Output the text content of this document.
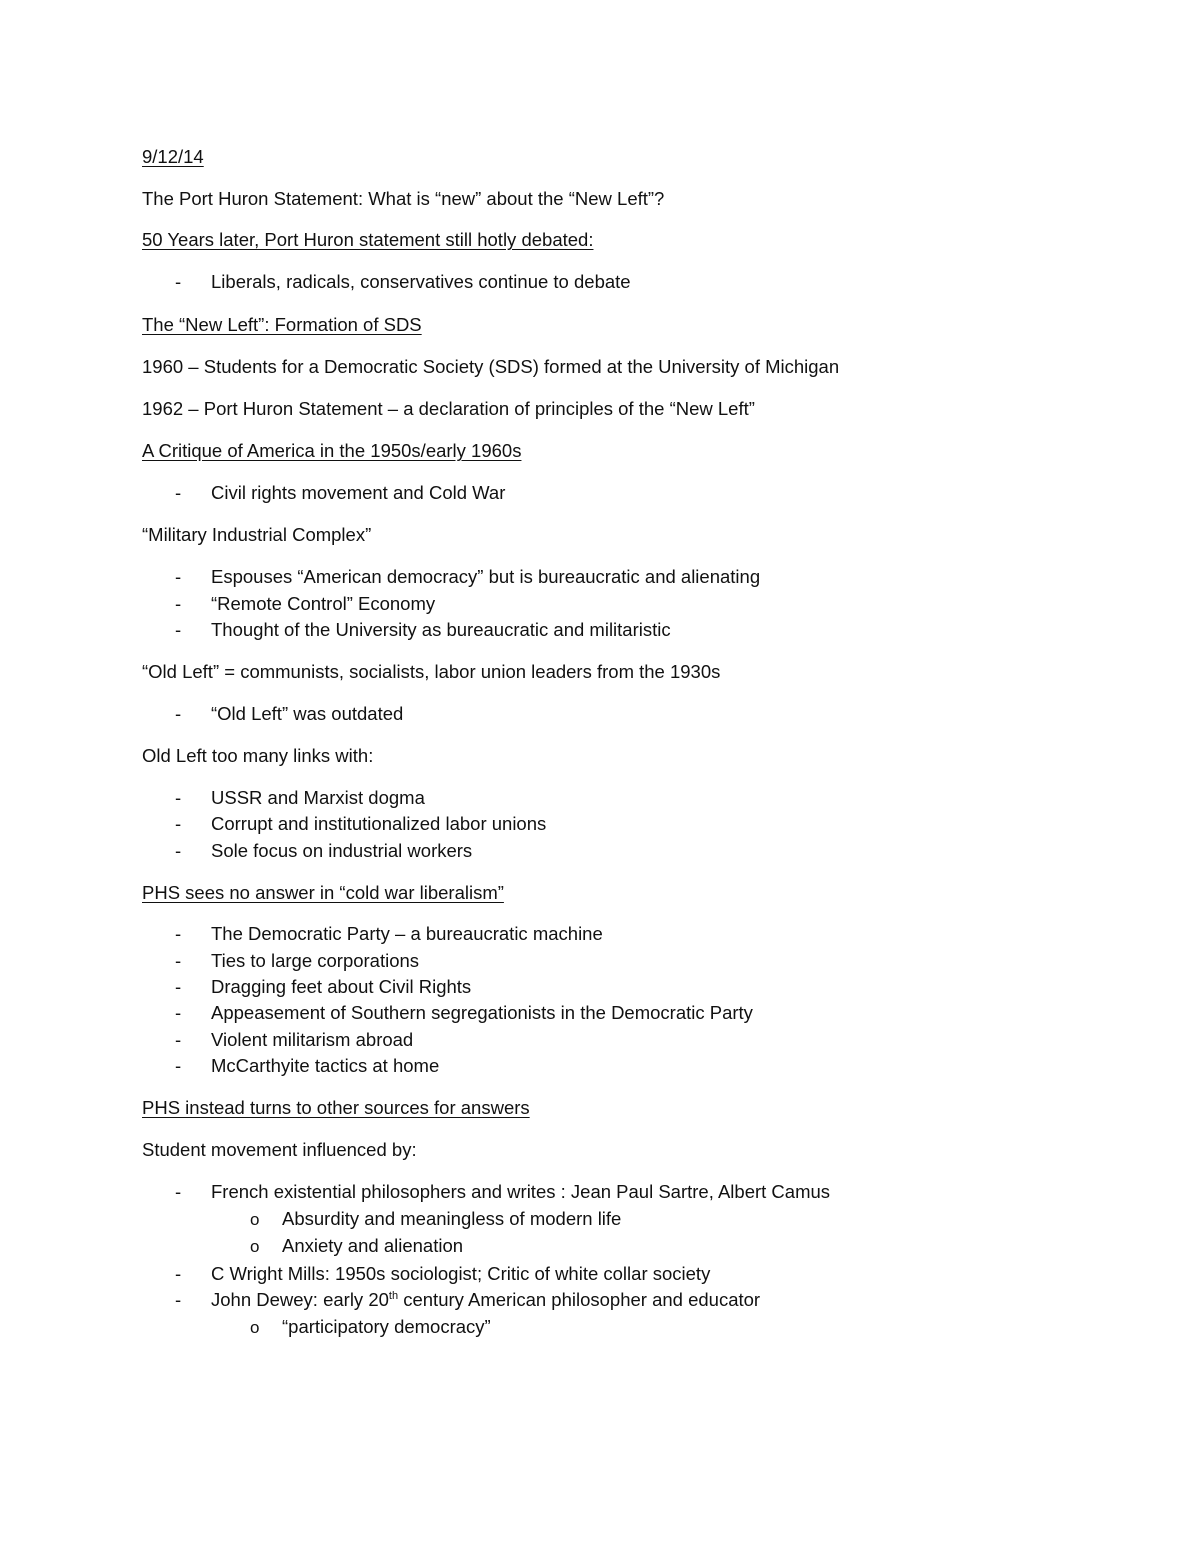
9/12/14
The Port Huron Statement: What is “new” about the “New Left”?
50 Years later, Port Huron statement still hotly debated:
- Liberals, radicals, conservatives continue to debate
The “New Left”: Formation of SDS
1960 – Students for a Democratic Society (SDS) formed at the University of Michigan
1962 – Port Huron Statement – a declaration of principles of the “New Left”
A Critique of America in the 1950s/early 1960s
- Civil rights movement and Cold War
“Military Industrial Complex”
- Espouses “American democracy” but is bureaucratic and alienating
- “Remote Control” Economy
- Thought of the University as bureaucratic and militaristic
“Old Left” = communists, socialists, labor union leaders from the 1930s
- “Old Left” was outdated
Old Left too many links with:
- USSR and Marxist dogma
- Corrupt and institutionalized labor unions
- Sole focus on industrial workers
PHS sees no answer in “cold war liberalism”
- The Democratic Party – a bureaucratic machine
- Ties to large corporations
- Dragging feet about Civil Rights
- Appeasement of Southern segregationists in the Democratic Party
- Violent militarism abroad
- McCarthyite tactics at home
PHS instead turns to other sources for answers
Student movement influenced by:
- French existential philosophers and writes : Jean Paul Sartre, Albert Camus
o Absurdity and meaningless of modern life
o Anxiety and alienation
- C Wright Mills: 1950s sociologist; Critic of white collar society
- John Dewey: early 20th century American philosopher and educator
o “participatory democracy”
